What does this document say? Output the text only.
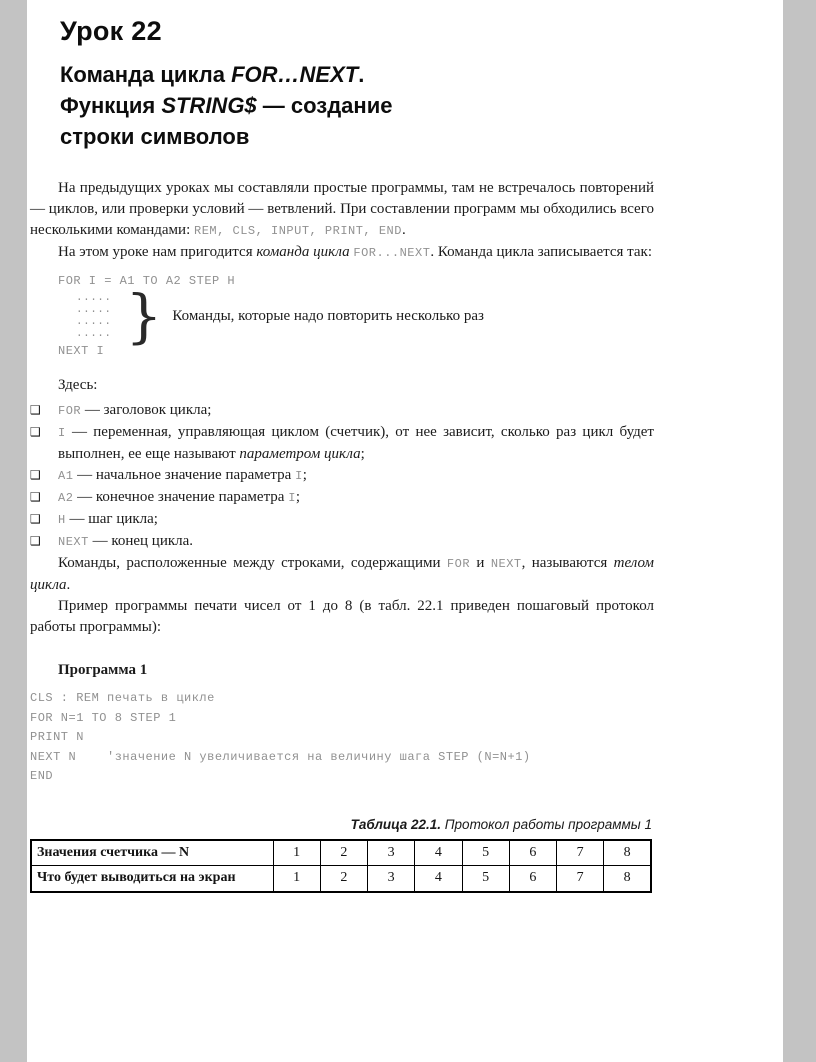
Урок 22
Команда цикла FOR…NEXT.
Функция STRING$ — создание
строки символов
На предыдущих уроках мы составляли простые программы, там не встречалось повторений — циклов, или проверки условий — ветвлений. При составлении программ мы обходились всего несколькими командами: REM, CLS, INPUT, PRINT, END.
На этом уроке нам пригодится команда цикла FOR...NEXT. Команда цикла записывается так:
FOR I = A1 TO A2 STEP H
.....
.....
.....
..... } Команды, которые надо повторить несколько раз
NEXT I
Здесь:
❑	FOR — заголовок цикла;
❑	I — переменная, управляющая циклом (счетчик), от нее зависит, сколько раз цикл будет выполнен, ее еще называют параметром цикла;
❑	A1 — начальное значение параметра I;
❑	A2 — конечное значение параметра I;
❑	H — шаг цикла;
❑	NEXT — конец цикла.
Команды, расположенные между строками, содержащими FOR и NEXT, называются телом цикла.
Пример программы печати чисел от 1 до 8 (в табл. 22.1 приведен пошаговый протокол работы программы):
Программа 1
CLS : REM печать в цикле
FOR N=1 TO 8 STEP 1
PRINT N
NEXT N    'значение N увеличивается на величину шага STEP (N=N+1)
END
Таблица 22.1. Протокол работы программы 1
Значения счетчика — N	1	2	3	4	5	6	7	8
Что будет выводиться на экран	1	2	3	4	5	6	7	8
